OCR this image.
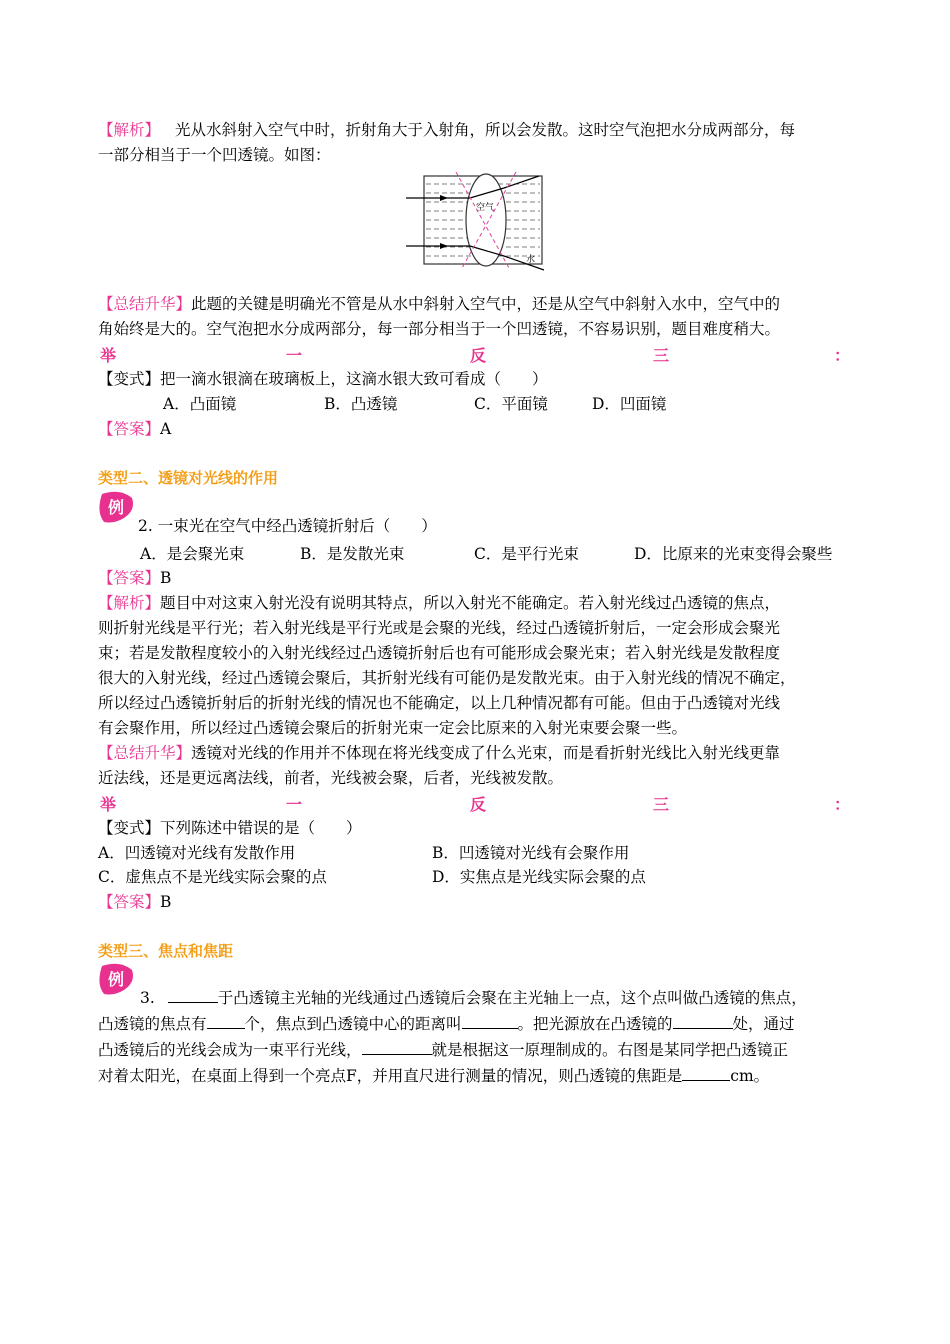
【解析】 光从水斜射入空气中时，折射角大于入射角，所以会发散。这时空气泡把水分成两部分，每
一部分相当于一个凹透镜。如图：
空气
水
【总结升华】此题的关键是明确光不管是从水中斜射入空气中，还是从空气中斜射入水中，空气中的
角始终是大的。空气泡把水分成两部分，每一部分相当于一个凹透镜，不容易识别，题目难度稍大。
举	一	反	三	：
【变式】把一滴水银滴在玻璃板上，这滴水银大致可看成（　　）
A．凸面镜	B．凸透镜	C．平面镜	D．凹面镜
【答案】A
类型二、透镜对光线的作用
例
2. 一束光在空气中经凸透镜折射后（　　）
A．是会聚光束	B．是发散光束	C．是平行光束	D．比原来的光束变得会聚些
【答案】B
【解析】题目中对这束入射光没有说明其特点，所以入射光不能确定。若入射光线过凸透镜的焦点，
则折射光线是平行光；若入射光线是平行光或是会聚的光线，经过凸透镜折射后，一定会形成会聚光
束；若是发散程度较小的入射光线经过凸透镜折射后也有可能形成会聚光束；若入射光线是发散程度
很大的入射光线，经过凸透镜会聚后，其折射光线有可能仍是发散光束。由于入射光线的情况不确定，
所以经过凸透镜折射后的折射光线的情况也不能确定，以上几种情况都有可能。但由于凸透镜对光线
有会聚作用，所以经过凸透镜会聚后的折射光束一定会比原来的入射光束要会聚一些。
【总结升华】透镜对光线的作用并不体现在将光线变成了什么光束，而是看折射光线比入射光线更靠
近法线，还是更远离法线，前者，光线被会聚，后者，光线被发散。
举	一	反	三	：
【变式】下列陈述中错误的是（　　）
A．凹透镜对光线有发散作用	B．凹透镜对光线有会聚作用
C．虚焦点不是光线实际会聚的点	D．实焦点是光线实际会聚的点
【答案】B
类型三、焦点和焦距
例
3.	于凸透镜主光轴的光线通过凸透镜后会聚在主光轴上一点，这个点叫做凸透镜的焦点，
凸透镜的焦点有 个，焦点到凸透镜中心的距离叫	。把光源放在凸透镜的	处，通过
凸透镜后的光线会成为一束平行光线，	就是根据这一原理制成的。右图是某同学把凸透镜正
对着太阳光，在桌面上得到一个亮点F，并用直尺进行测量的情况，则凸透镜的焦距是	cm。
